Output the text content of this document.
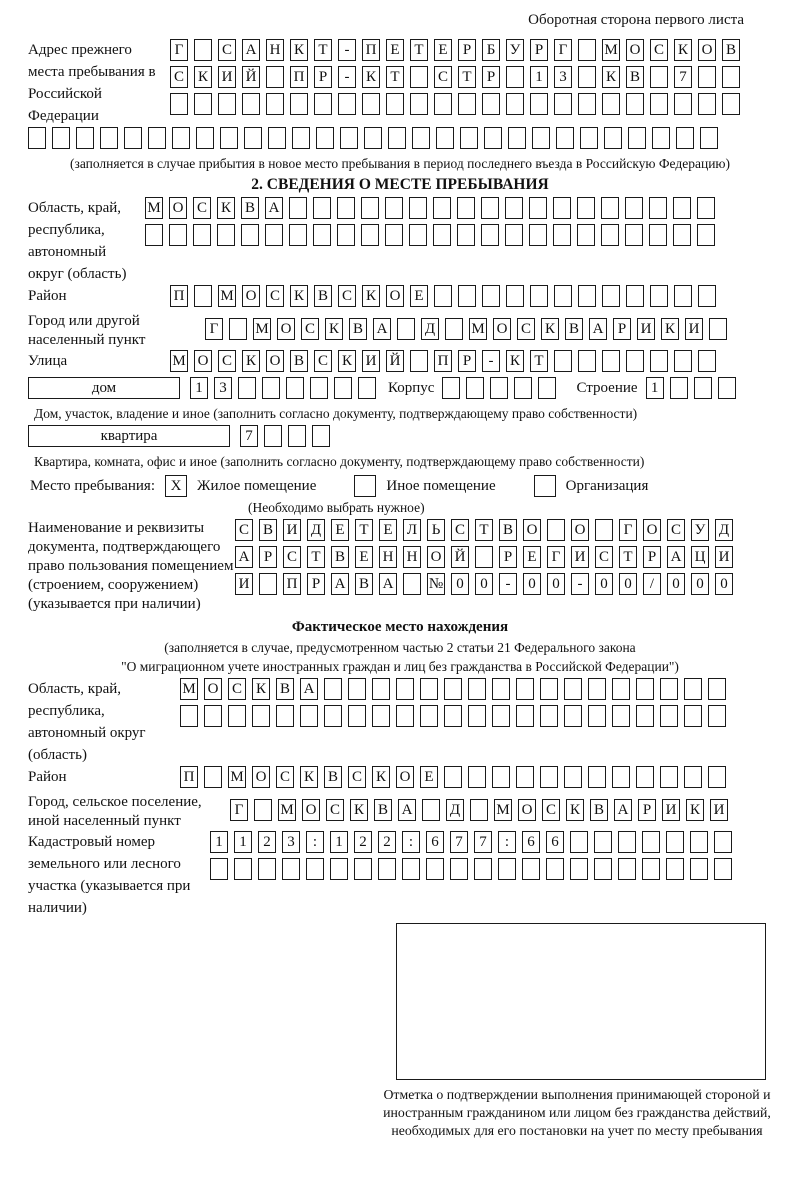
Оборотная сторона первого листа
Адрес прежнего места пребывания в Российской Федерации
Г	С А Н К Т - П Е Т Е Р Б У Р Г М О С К О В
С К И Й П Р - К Т	С Т Р	1 3	К В	7
(заполняется в случае прибытия в новое место пребывания в период последнего въезда в Российскую Федерацию)
2. СВЕДЕНИЯ О МЕСТЕ ПРЕБЫВАНИЯ
Область, край, республика, автономный округ (область)
М О С К В А
Район	П М О С К В С К О Е
Город или другой населенный пункт
Г М О С К В А Д М О С К В А Р И К И
Улица	М О С К О В С К И Й П Р - К Т
дом	1 3	Корпус	Строение 1
Дом, участок, владение и иное (заполнить согласно документу, подтверждающему право собственности)
квартира	7
Квартира, комната, офис и иное (заполнить согласно документу, подтверждающему право собственности)
Место пребывания:	X	Жилое помещение	Иное помещение	Организация
(Необходимо выбрать нужное)
Наименование и реквизиты документа, подтверждающего право пользования помещением (строением, сооружением) (указывается при наличии)
С В И Д Е Т Е Л Ь С Т В О О	Г О С У Д
А Р С Т В Е Н Н О Й	Р Е Г И С Т Р А Ц И
И П Р А В А № 0 0 - 0 0 - 0 0 / 0 0 0
Фактическое место нахождения
(заполняется в случае, предусмотренном частью 2 статьи 21 Федерального закона
"О миграционном учете иностранных граждан и лиц без гражданства в Российской Федерации")
Область, край, республика, автономный округ (область)
М О С К В А
Район	П М О С К В С К О Е
Город, сельское поселение, иной населенный пункт
Г М О С К В А Д М О С К В А Р И К И
Кадастровый номер земельного или лесного участка (указывается при наличии)
1 1 2 3 : 1 2 2 : 6 7 7 : 6 6
Отметка о подтверждении выполнения принимающей стороной и иностранным гражданином или лицом без гражданства действий, необходимых для его постановки на учет по месту пребывания
